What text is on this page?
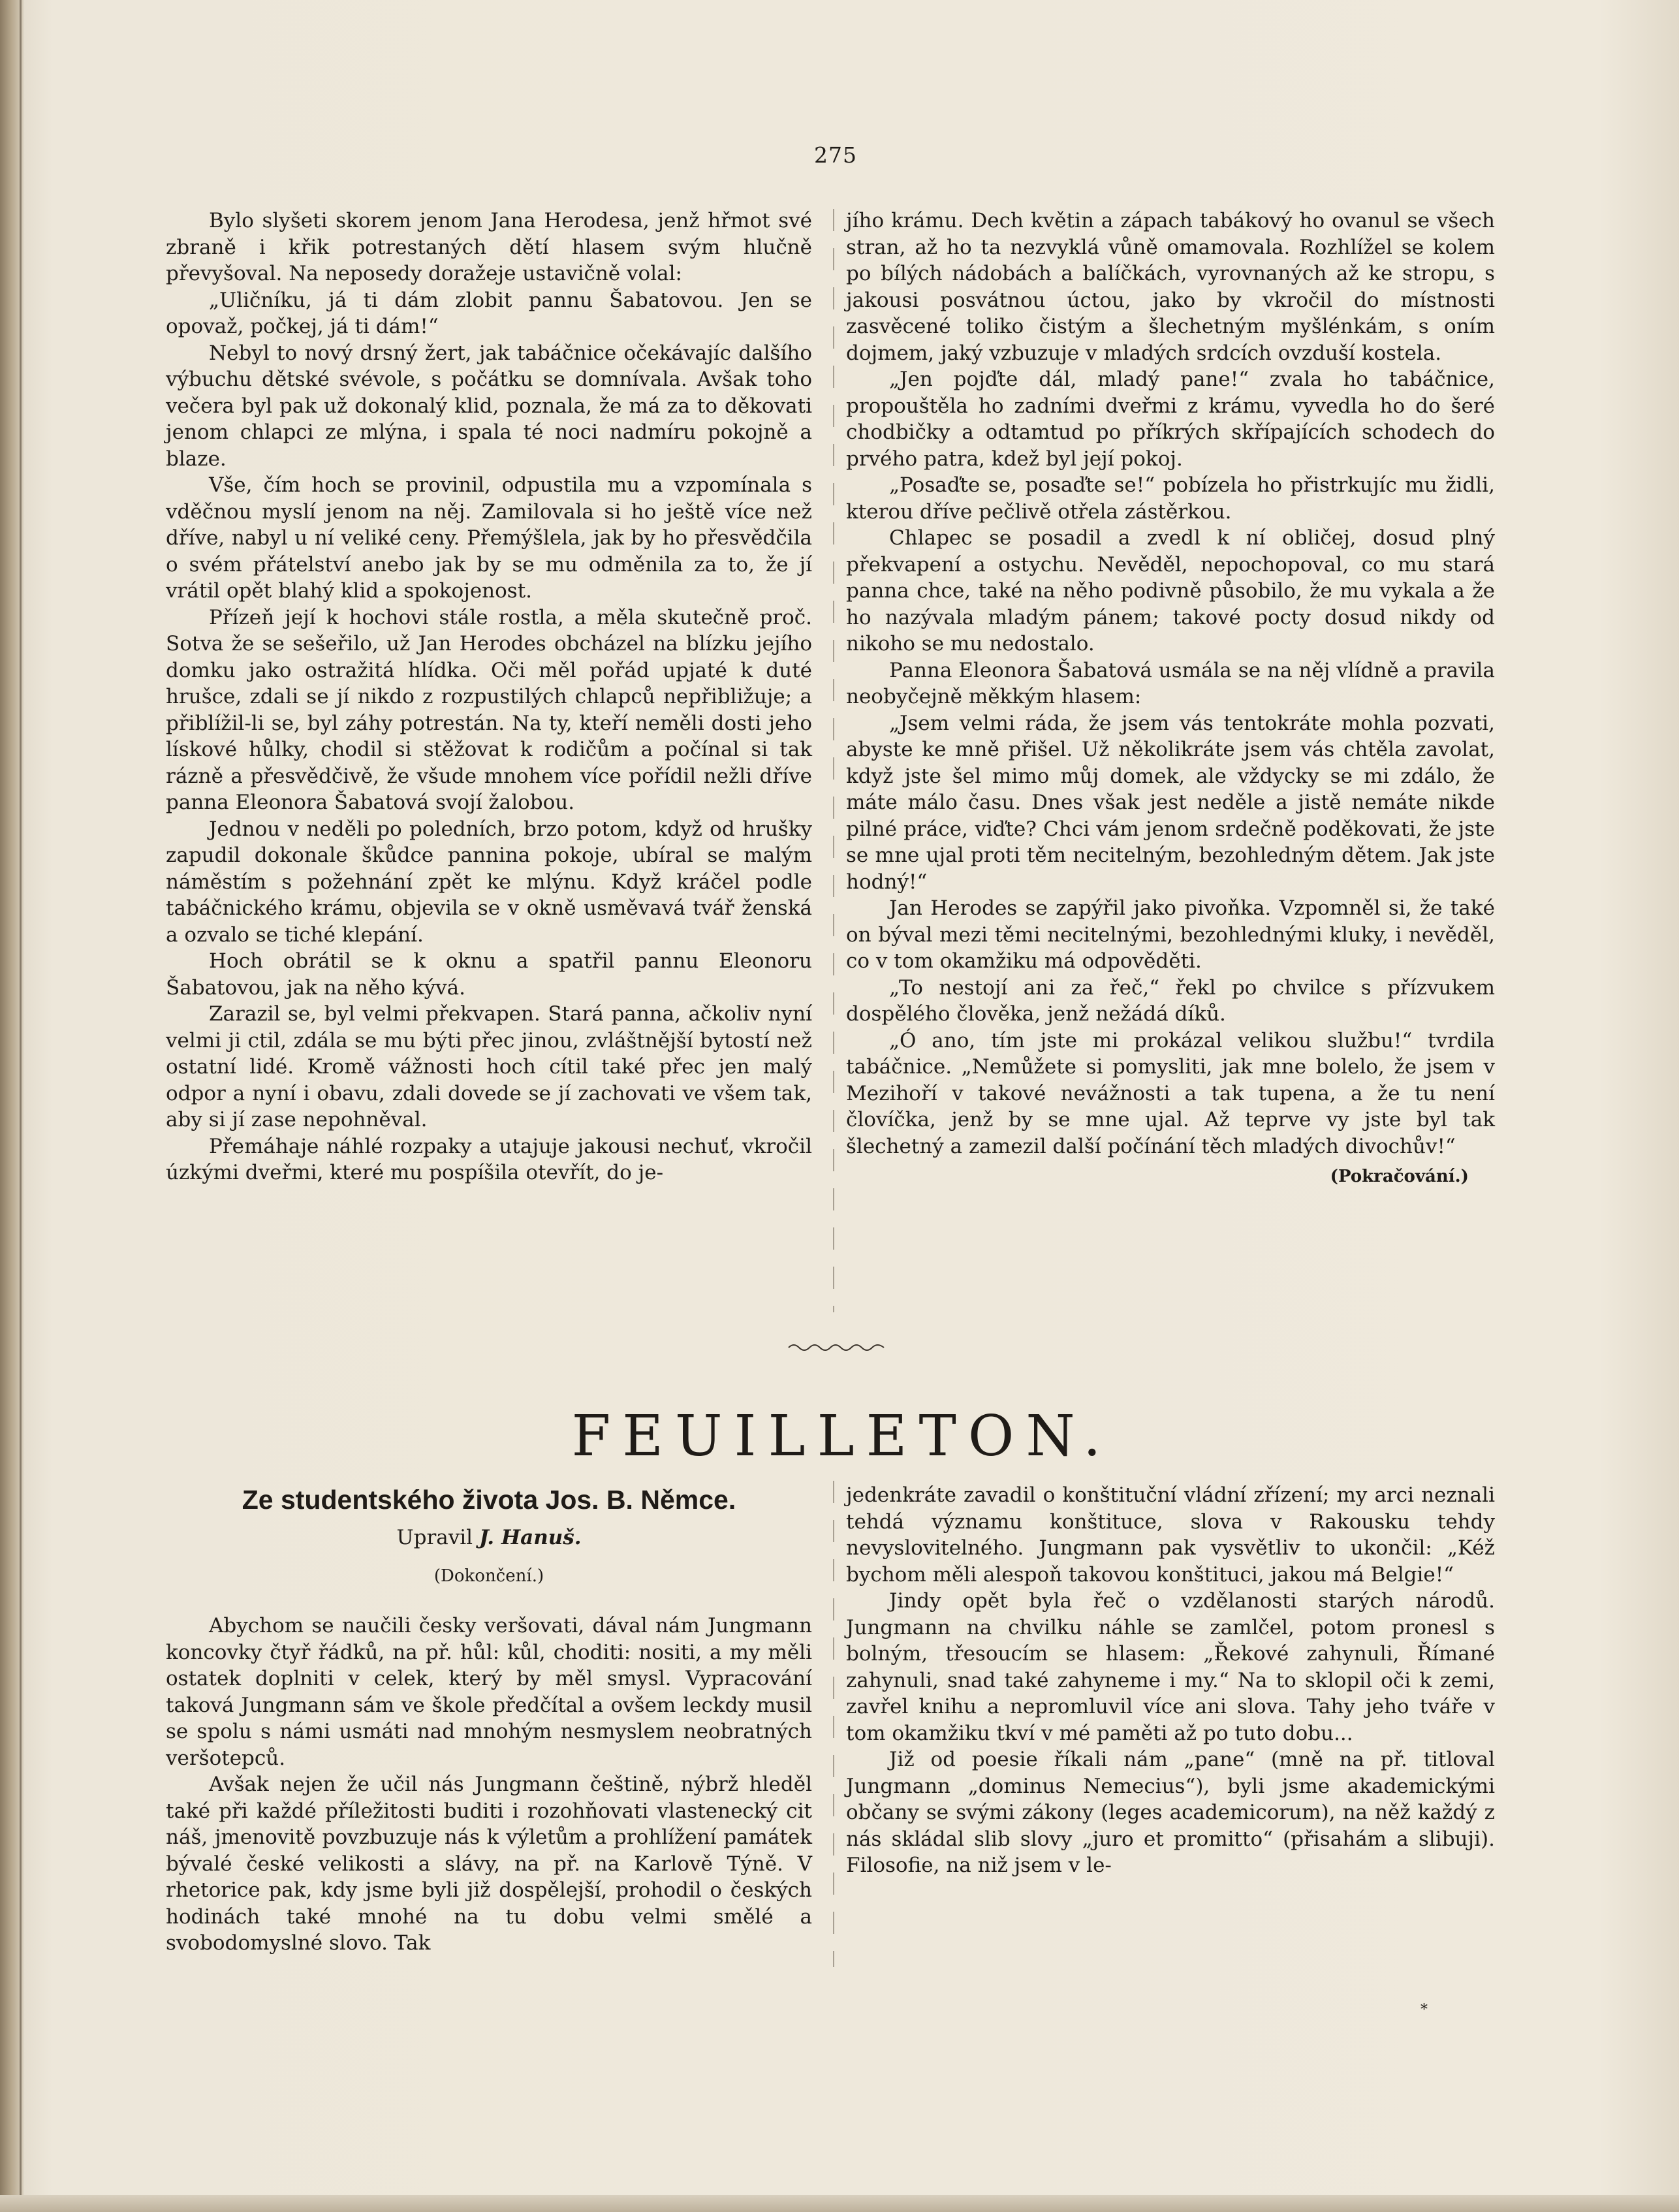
275

Bylo slyšeti skorem jenom Jana Herodesa, jenž hřmot své zbraně i křik potrestaných dětí hlasem svým hlučně převyšoval. Na neposedy doražeje ustavičně volal:

„Uličníku, já ti dám zlobit pannu Šabatovou. Jen se opovaž, počkej, já ti dám!“

Nebyl to nový drsný žert, jak tabáčnice očekávajíc dalšího výbuchu dětské svévole, s počátku se domnívala. Avšak toho večera byl pak už dokonalý klid, poznala, že má za to děkovati jenom chlapci ze mlýna, i spala té noci nadmíru pokojně a blaze.

Vše, čím hoch se provinil, odpustila mu a vzpomínala s vděčnou myslí jenom na něj. Zamilovala si ho ještě více než dříve, nabyl u ní veliké ceny. Přemýšlela, jak by ho přesvědčila o svém přátelství anebo jak by se mu odměnila za to, že jí vrátil opět blahý klid a spokojenost.

Přízeň její k hochovi stále rostla, a měla skutečně proč. Sotva že se sešeřilo, už Jan Herodes obcházel na blízku jejího domku jako ostražitá hlídka. Oči měl pořád upjaté k duté hrušce, zdali se jí nikdo z rozpustilých chlapců nepřibližuje; a přiblížil-li se, byl záhy potrestán. Na ty, kteří neměli dosti jeho lískové hůlky, chodil si stěžovat k rodičům a počínal si tak rázně a přesvědčivě, že všude mnohem více pořídil nežli dříve panna Eleonora Šabatová svojí žalobou.

Jednou v neděli po poledních, brzo potom, když od hrušky zapudil dokonale škůdce pannina pokoje, ubíral se malým náměstím s požehnání zpět ke mlýnu. Když kráčel podle tabáčnického krámu, objevila se v okně usměvavá tvář ženská a ozvalo se tiché klepání.

Hoch obrátil se k oknu a spatřil pannu Eleonoru Šabatovou, jak na něho kývá.

Zarazil se, byl velmi překvapen. Stará panna, ačkoliv nyní velmi ji ctil, zdála se mu býti přec jinou, zvláštnější bytostí než ostatní lidé. Kromě vážnosti hoch cítil také přec jen malý odpor a nyní i obavu, zdali dovede se jí zachovati ve všem tak, aby si jí zase nepohněval.

Přemáhaje náhlé rozpaky a utajuje jakousi nechuť, vkročil úzkými dveřmi, které mu pospíšila otevřít, do je-

jího krámu. Dech květin a zápach tabákový ho ovanul se všech stran, až ho ta nezvyklá vůně omamovala. Rozhlížel se kolem po bílých nádobách a balíčkách, vyrovnaných až ke stropu, s jakousi posvátnou úctou, jako by vkročil do místnosti zasvěcené toliko čistým a šlechetným myšlénkám, s oním dojmem, jaký vzbuzuje v mladých srdcích ovzduší kostela.

„Jen pojďte dál, mladý pane!“ zvala ho tabáčnice, propouštěla ho zadními dveřmi z krámu, vyvedla ho do šeré chodbičky a odtamtud po příkrých skřípajících schodech do prvého patra, kdež byl její pokoj.

„Posaďte se, posaďte se!“ pobízela ho přistrkujíc mu židli, kterou dříve pečlivě otřela zástěrkou.

Chlapec se posadil a zvedl k ní obličej, dosud plný překvapení a ostychu. Nevěděl, nepochopoval, co mu stará panna chce, také na něho podivně působilo, že mu vykala a že ho nazývala mladým pánem; takové pocty dosud nikdy od nikoho se mu nedostalo.

Panna Eleonora Šabatová usmála se na něj vlídně a pravila neobyčejně měkkým hlasem:

„Jsem velmi ráda, že jsem vás tentokráte mohla pozvati, abyste ke mně přišel. Už několikráte jsem vás chtěla zavolat, když jste šel mimo můj domek, ale vždycky se mi zdálo, že máte málo času. Dnes však jest neděle a jistě nemáte nikde pilné práce, viďte? Chci vám jenom srdečně poděkovati, že jste se mne ujal proti těm necitelným, bezohledným dětem. Jak jste hodný!“

Jan Herodes se zapýřil jako pivoňka. Vzpomněl si, že také on býval mezi těmi necitelnými, bezohlednými kluky, i nevěděl, co v tom okamžiku má odpověděti.

„To nestojí ani za řeč,“ řekl po chvilce s přízvukem dospělého člověka, jenž nežádá díků.

„Ó ano, tím jste mi prokázal velikou službu!“ tvrdila tabáčnice. „Nemůžete si pomysliti, jak mne bolelo, že jsem v Mezihoří v takové nevážnosti a tak tupena, a že tu není človíčka, jenž by se mne ujal. Až teprve vy jste byl tak šlechetný a zamezil další počínání těch mladých divochův!“

(Pokračování.)
FEUILLETON.
Ze studentského života Jos. B. Němce.
Upravil J. Hanuš.
(Dokončení.)

Abychom se naučili česky veršovati, dával nám Jungmann koncovky čtyř řádků, na př. hůl: kůl, choditi: nositi, a my měli ostatek doplniti v celek, který by měl smysl. Vypracování taková Jungmann sám ve škole předčítal a ovšem leckdy musil se spolu s námi usmáti nad mnohým nesmyslem neobratných veršotepců.

Avšak nejen že učil nás Jungmann češtině, nýbrž hleděl také při každé příležitosti buditi i rozohňovati vlastenecký cit náš, jmenovitě povzbuzuje nás k výletům a prohlížení památek bývalé české velikosti a slávy, na př. na Karlově Týně. V rhetorice pak, kdy jsme byli již dospělejší, prohodil o českých hodinách také mnohé na tu dobu velmi smělé a svobodomyslné slovo. Tak

jedenkráte zavadil o konštituční vládní zřízení; my arci neznali tehdá významu konštituce, slova v Rakousku tehdy nevyslovitelného. Jungmann pak vysvětliv to ukončil: „Kéž bychom měli alespoň takovou konštituci, jakou má Belgie!“

Jindy opět byla řeč o vzdělanosti starých národů. Jungmann na chvilku náhle se zamlčel, potom pronesl s bolným, třesoucím se hlasem: „Řekové zahynuli, Římané zahynuli, snad také zahyneme i my.“ Na to sklopil oči k zemi, zavřel knihu a nepromluvil více ani slova. Tahy jeho tváře v tom okamžiku tkví v mé paměti až po tuto dobu...

Již od poesie říkali nám „pane“ (mně na př. titloval Jungmann „dominus Nemecius“), byli jsme akademickými občany se svými zákony (leges academicorum), na něž každý z nás skládal slib slovy „juro et promitto“ (přisahám a slibuji). Filosofie, na niž jsem v le-

*
